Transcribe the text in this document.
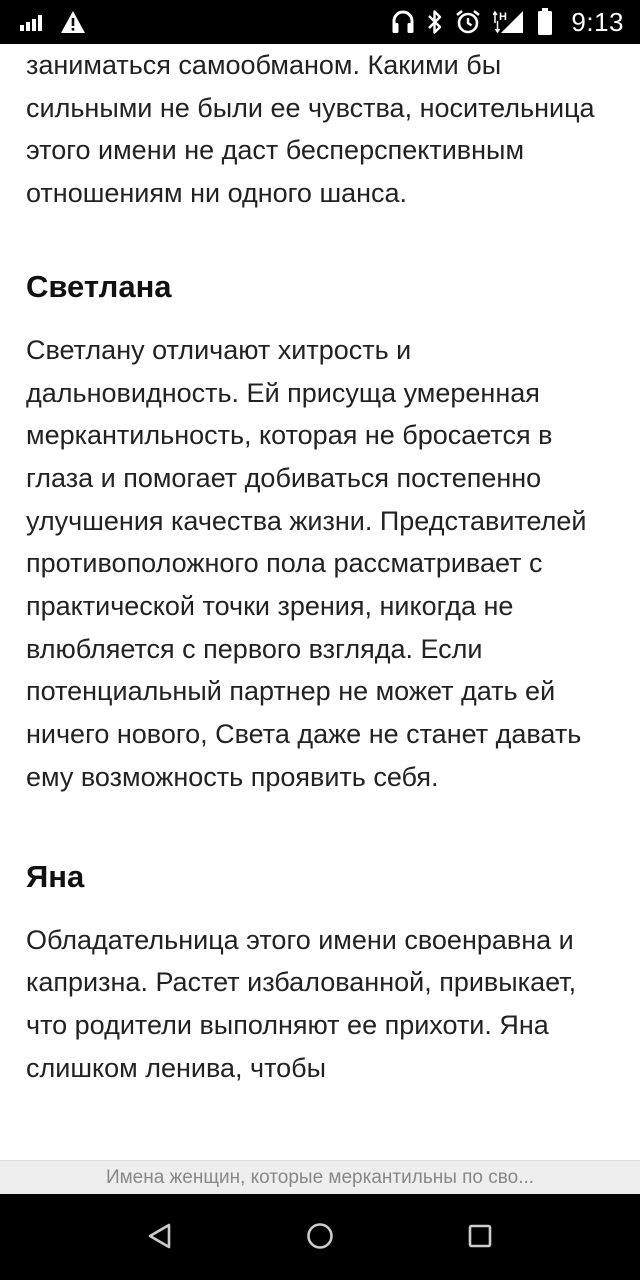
H 9:13

заниматься самообманом. Какими бы сильными не были ее чувства, носительница этого имени не даст бесперспективным отношениям ни одного шанса.

Светлана

Светлану отличают хитрость и дальновидность. Ей присуща умеренная меркантильность, которая не бросается в глаза и помогает добиваться постепенно улучшения качества жизни. Представителей противоположного пола рассматривает с практической точки зрения, никогда не влюбляется с первого взгляда. Если потенциальный партнер не может дать ей ничего нового, Света даже не станет давать ему возможность проявить себя.

Яна

Обладательница этого имени своенравна и капризна. Растет избалованной, привыкает, что родители выполняют ее прихоти. Яна слишком ленива, чтобы

Имена женщин, которые меркантильны по сво...
